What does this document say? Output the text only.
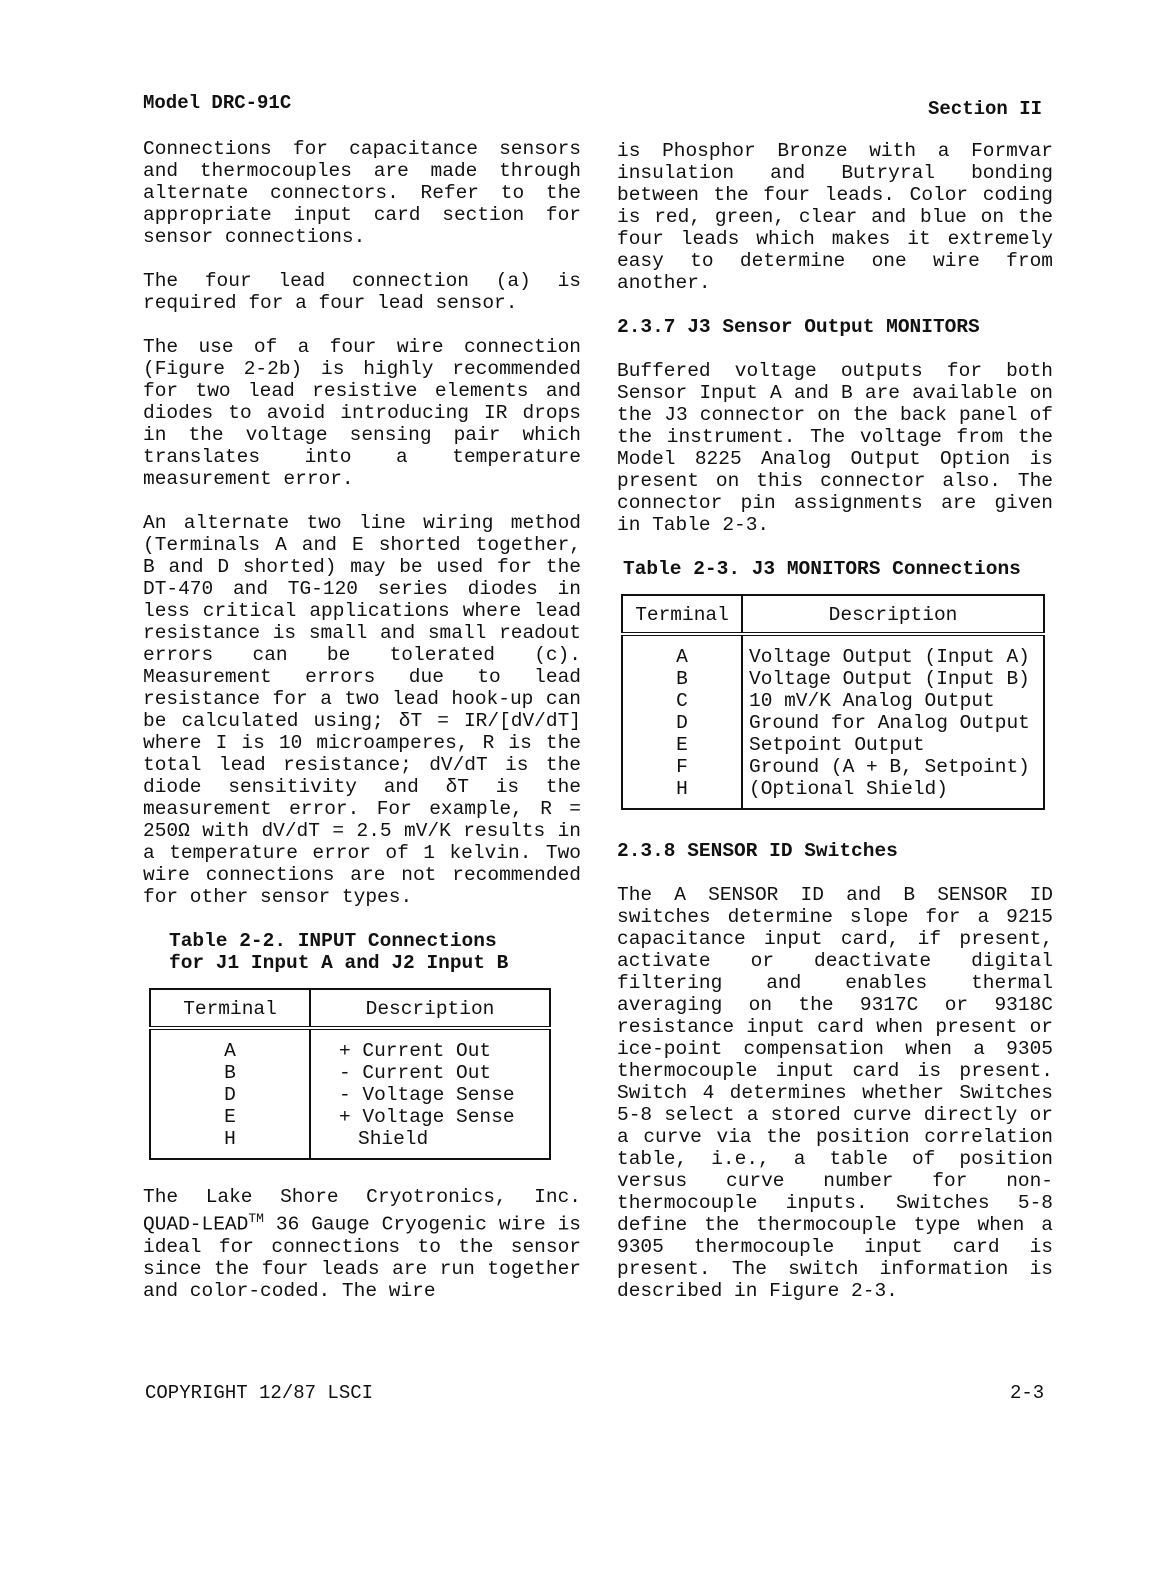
Model DRC-91C	Section II

Connections for capacitance sensors and thermocouples are made through alternate connectors. Refer to the appropriate input card section for sensor connections.

The four lead connection (a) is required for a four lead sensor.

The use of a four wire connection (Figure 2-2b) is highly recommended for two lead resistive elements and diodes to avoid introducing IR drops in the voltage sensing pair which translates into a temperature measurement error.

An alternate two line wiring method (Terminals A and E shorted together, B and D shorted) may be used for the DT-470 and TG-120 series diodes in less critical applications where lead resistance is small and small readout errors can be tolerated (c). Measurement errors due to lead resistance for a two lead hook-up can be calculated using; δT = IR/[dV/dT] where I is 10 microamperes, R is the total lead resistance; dV/dT is the diode sensitivity and δT is the measurement error. For example, R = 250Ω with dV/dT = 2.5 mV/K results in a temperature error of 1 kelvin. Two wire connections are not recommended for other sensor types.

Table 2-2. INPUT Connections
for J1 Input A and J2 Input B
Terminal	Description
A	+ Current Out
B	- Current Out
D	- Voltage Sense
E	+ Voltage Sense
H	Shield

The Lake Shore Cryotronics, Inc. QUAD-LEAD™ 36 Gauge Cryogenic wire is ideal for connections to the sensor since the four leads are run together and color-coded. The wire

is Phosphor Bronze with a Formvar insulation and Butryral bonding between the four leads. Color coding is red, green, clear and blue on the four leads which makes it extremely easy to determine one wire from another.

2.3.7 J3 Sensor Output MONITORS

Buffered voltage outputs for both Sensor Input A and B are available on the J3 connector on the back panel of the instrument. The voltage from the Model 8225 Analog Output Option is present on this connector also. The connector pin assignments are given in Table 2-3.

Table 2-3. J3 MONITORS Connections
Terminal	Description
A	Voltage Output (Input A)
B	Voltage Output (Input B)
C	10 mV/K Analog Output
D	Ground for Analog Output
E	Setpoint Output
F	Ground (A + B, Setpoint)
H	(Optional Shield)
2.3.8 SENSOR ID Switches

The A SENSOR ID and B SENSOR ID switches determine slope for a 9215 capacitance input card, if present, activate or deactivate digital filtering and enables thermal averaging on the 9317C or 9318C resistance input card when present or ice-point compensation when a 9305 thermocouple input card is present. Switch 4 determines whether Switches 5-8 select a stored curve directly or a curve via the position correlation table, i.e., a table of position versus curve number for non-thermocouple inputs. Switches 5-8 define the thermocouple type when a 9305 thermocouple input card is present. The switch information is described in Figure 2-3.

COPYRIGHT 12/87 LSCI	2-3
